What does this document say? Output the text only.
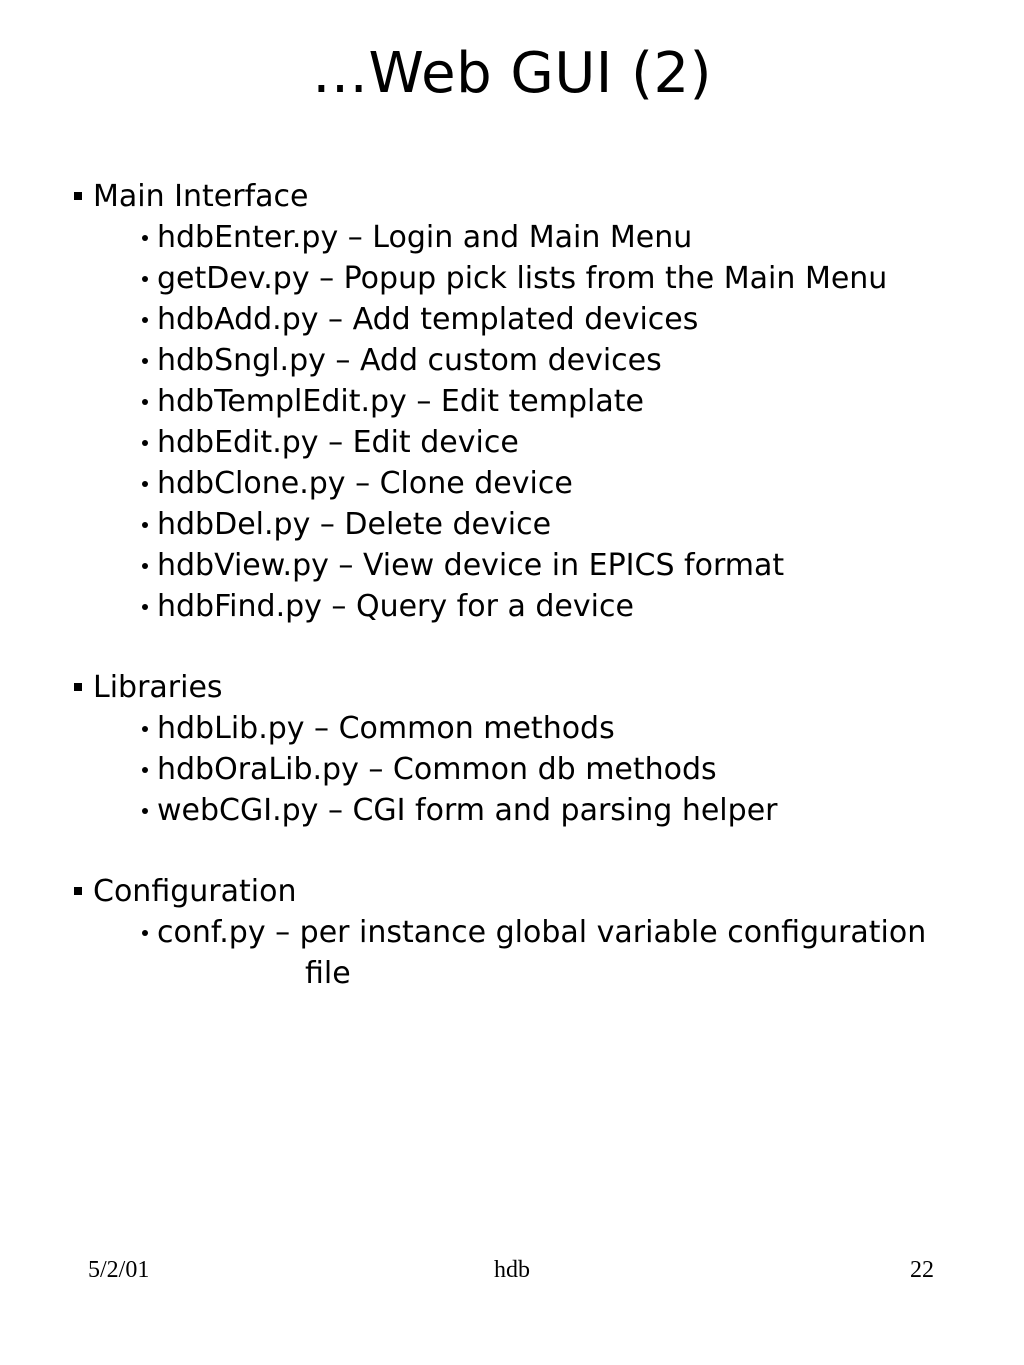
…Web GUI (2)
Main Interface
hdbEnter.py – Login and Main Menu
getDev.py – Popup pick lists from the Main Menu
hdbAdd.py – Add templated devices
hdbSngl.py – Add custom devices
hdbTemplEdit.py – Edit template
hdbEdit.py – Edit device
hdbClone.py – Clone device
hdbDel.py – Delete device
hdbView.py – View device in EPICS format
hdbFind.py – Query for a device
Libraries
hdbLib.py – Common methods
hdbOraLib.py – Common db methods
webCGI.py – CGI form and parsing helper
Configuration
conf.py – per instance global variable configuration
file
5/2/01	hdb	22
